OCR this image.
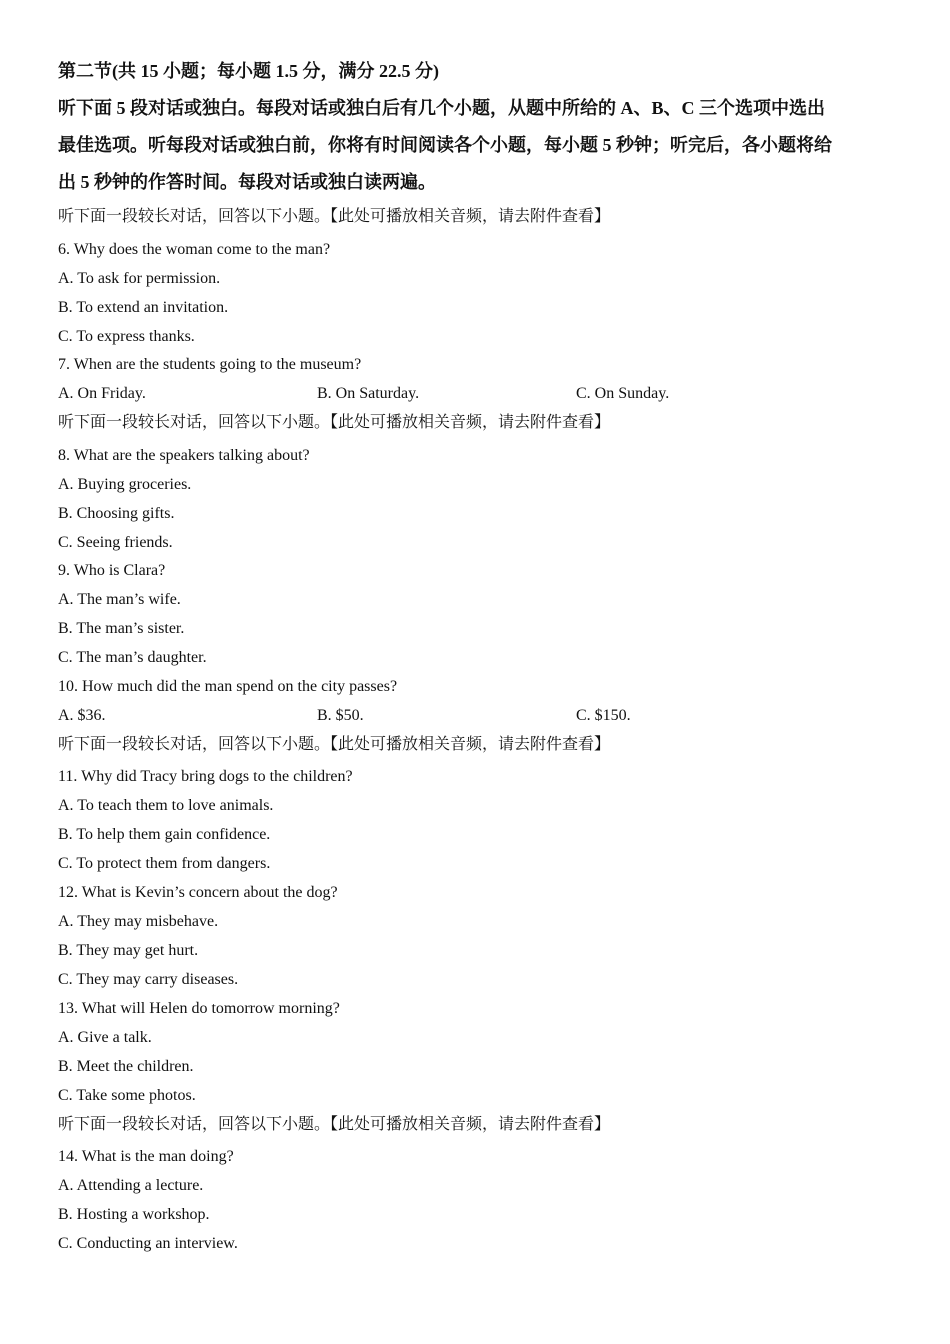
第二节(共 15 小题；每小题 1.5 分，满分 22.5 分)
听下面 5 段对话或独白。每段对话或独白后有几个小题，从题中所给的 A、B、C 三个选项中选出
最佳选项。听每段对话或独白前，你将有时间阅读各个小题，每小题 5 秒钟；听完后，各小题将给
出 5 秒钟的作答时间。每段对话或独白读两遍。
听下面一段较长对话，回答以下小题。【此处可播放相关音频，请去附件查看】
6. Why does the woman come to the man?
A. To ask for permission.
B. To extend an invitation.
C. To express thanks.
7. When are the students going to the museum?
A. On Friday.	B. On Saturday.	C. On Sunday.
听下面一段较长对话，回答以下小题。【此处可播放相关音频，请去附件查看】
8. What are the speakers talking about?
A. Buying groceries.
B. Choosing gifts.
C. Seeing friends.
9. Who is Clara?
A. The man’s wife.
B. The man’s sister.
C. The man’s daughter.
10. How much did the man spend on the city passes?
A. $36.	B. $50.	C. $150.
听下面一段较长对话，回答以下小题。【此处可播放相关音频，请去附件查看】
11. Why did Tracy bring dogs to the children?
A. To teach them to love animals.
B. To help them gain confidence.
C. To protect them from dangers.
12. What is Kevin’s concern about the dog?
A. They may misbehave.
B. They may get hurt.
C. They may carry diseases.
13. What will Helen do tomorrow morning?
A. Give a talk.
B. Meet the children.
C. Take some photos.
听下面一段较长对话，回答以下小题。【此处可播放相关音频，请去附件查看】
14. What is the man doing?
A. Attending a lecture.
B. Hosting a workshop.
C. Conducting an interview.
